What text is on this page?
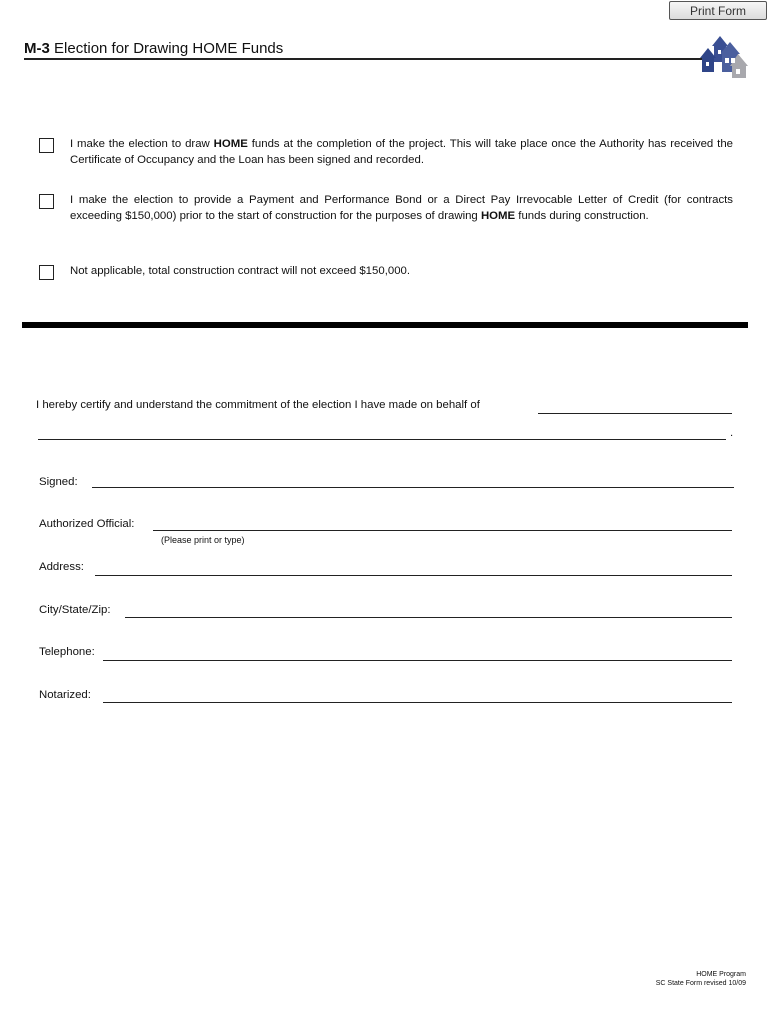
Print Form
M-3 Election for Drawing HOME Funds
I make the election to draw HOME funds at the completion of the project. This will take place once the Authority has received the Certificate of Occupancy and the Loan has been signed and recorded.
I make the election to provide a Payment and Performance Bond or a Direct Pay Irrevocable Letter of Credit (for contracts exceeding $150,000) prior to the start of construction for the purposes of drawing HOME funds during construction.
Not applicable, total construction contract will not exceed $150,000.
I hereby certify and understand the commitment of the election I have made on behalf of
.
Signed:
Authorized Official:
(Please print or type)
Address:
City/State/Zip:
Telephone:
Notarized:
HOME Program
SC State Form revised 10/09
